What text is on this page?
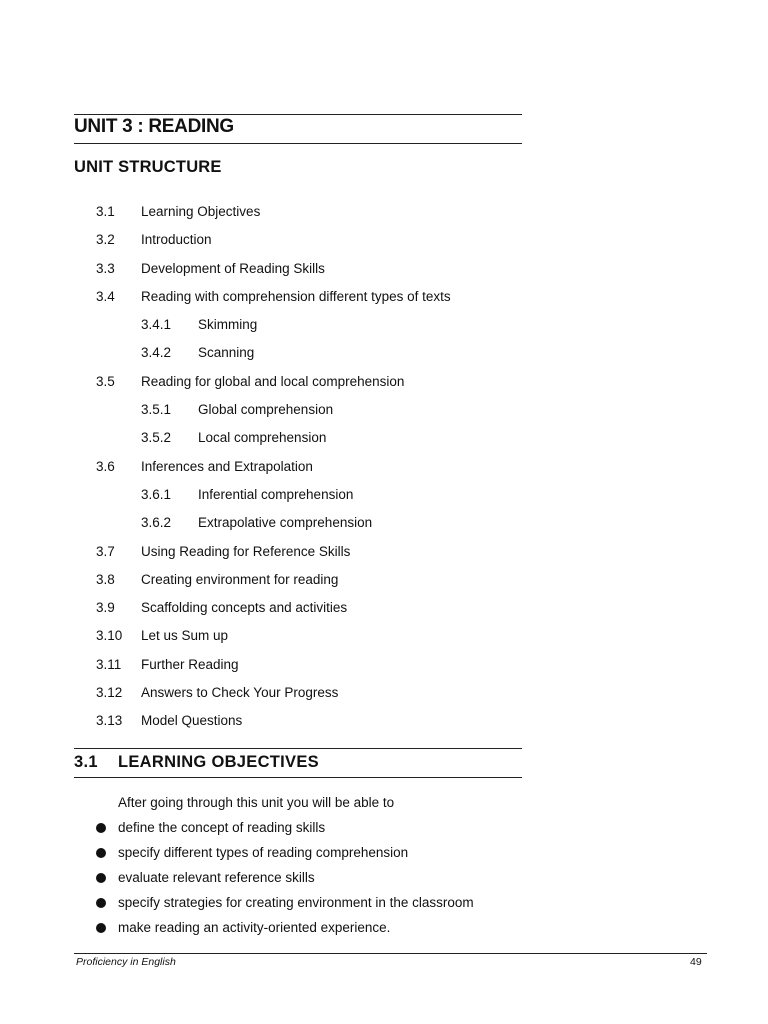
UNIT 3 : READING
UNIT STRUCTURE
3.1 Learning Objectives
3.2 Introduction
3.3 Development of Reading Skills
3.4 Reading with comprehension different types of texts
3.4.1 Skimming
3.4.2 Scanning
3.5 Reading for global and local comprehension
3.5.1 Global comprehension
3.5.2 Local comprehension
3.6 Inferences and Extrapolation
3.6.1 Inferential comprehension
3.6.2 Extrapolative comprehension
3.7 Using Reading for Reference Skills
3.8 Creating environment for reading
3.9 Scaffolding concepts and activities
3.10 Let us Sum up
3.11 Further Reading
3.12 Answers to Check Your Progress
3.13 Model Questions
3.1 LEARNING OBJECTIVES
After going through this unit you will be able to
define the concept of reading skills
specify different types of reading comprehension
evaluate relevant reference skills
specify strategies for creating environment in the classroom
make reading an activity-oriented experience.
Proficiency in English	49
